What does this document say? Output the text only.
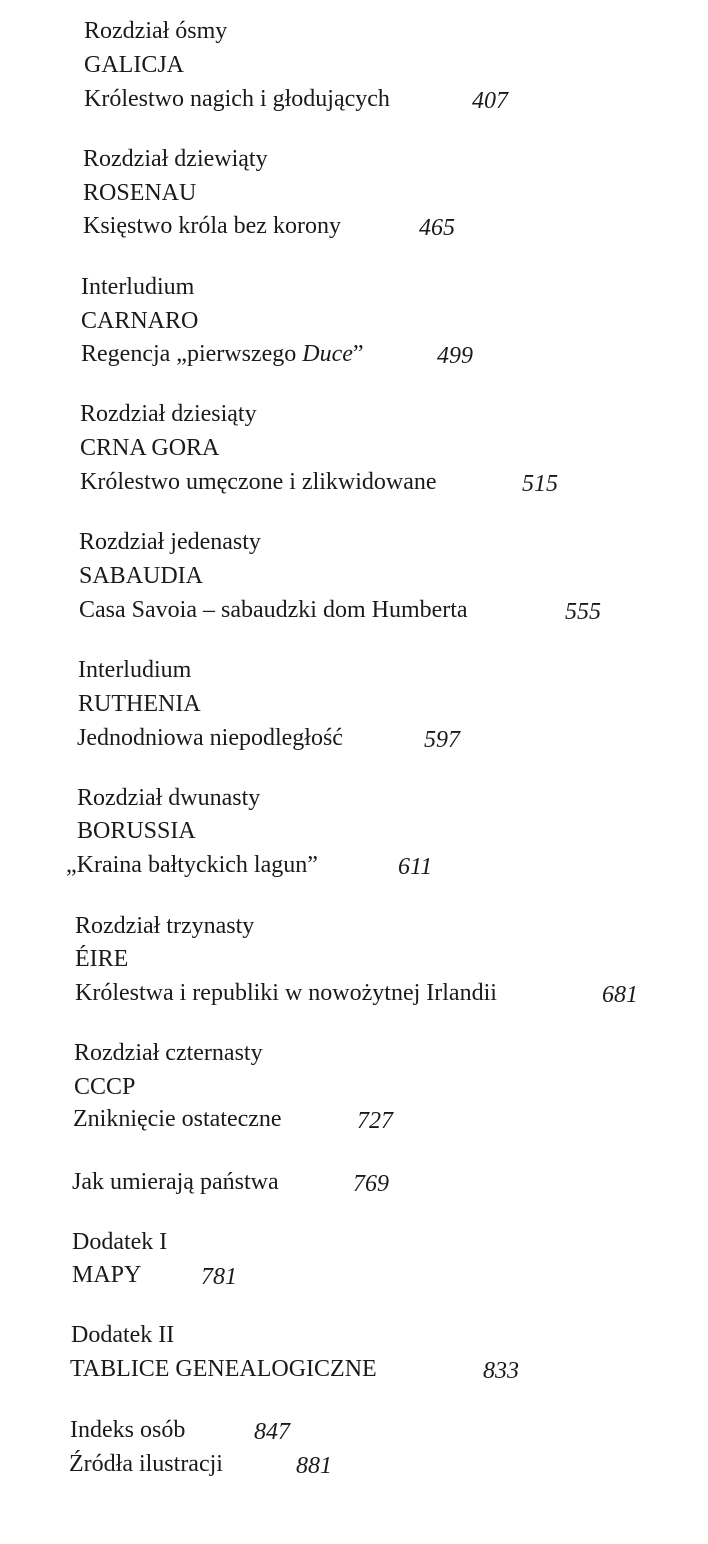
Rozdział ósmy
GALICJA
Królestwo nagich i głodujących	407
Rozdział dziewiąty
ROSENAU
Księstwo króla bez korony	465
Interludium
CARNARO
Regencja „pierwszego Duce”	499
Rozdział dziesiąty
CRNA GORA
Królestwo umęczone i zlikwidowane	515
Rozdział jedenasty
SABAUDIA
Casa Savoia – sabaudzki dom Humberta	555
Interludium
RUTHENIA
Jednodniowa niepodległość	597
Rozdział dwunasty
BORUSSIA
„Kraina bałtyckich lagun”	611
Rozdział trzynasty
ÉIRE
Królestwa i republiki w nowożytnej Irlandii	681
Rozdział czternasty
CCCP
Zniknięcie ostateczne	727
Jak umierają państwa	769
Dodatek I
MAPY 781
Dodatek II
TABLICE GENEALOGICZNE	833
Indeks osób	847
Źródła ilustracji	881
